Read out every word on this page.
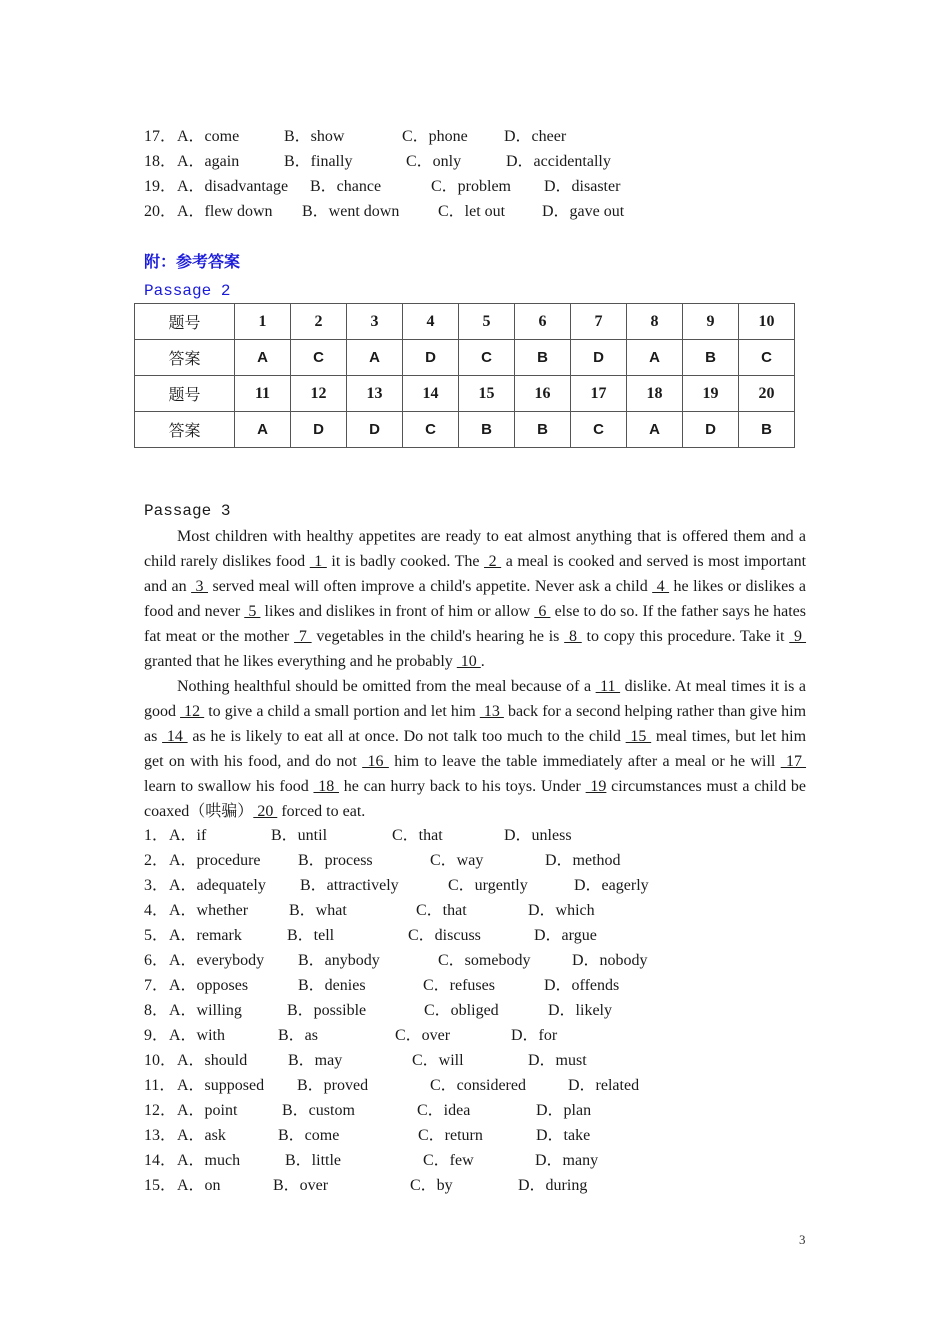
17． A．come	B．show	C．phone D．cheer
18． A．again	B．finally	C．only	D．accidentally
19． A．disadvantage B．chance	C．problem D．disaster
20． A．flew down B．went down C．let out D．gave out
附：参考答案
Passage 2
题号	1	2	3	4	5	6	7	8	9	10
答案	A	C	A	D	C	B	D	A	B	C
题号	11	12	13	14	15	16	17	18	19	20
答案	A	D	D	C	B	B	C	A	D	B
Passage 3
Most children with healthy appetites are ready to eat almost anything that is offered them and a child rarely dislikes food  1  it is badly cooked. The  2  a meal is cooked and served is most important and an  3  served meal will often improve a child's appetite. Never ask a child  4  he likes or dislikes a food and never  5  likes and dislikes in front of him or allow  6  else to do so. If the father says he hates fat meat or the mother  7  vegetables in the child's hearing he is  8  to copy this procedure. Take it  9  granted that he likes everything and he probably  10 .
Nothing healthful should be omitted from the meal because of a  11  dislike. At meal times it is a good  12  to give a child a small portion and let him  13  back for a second helping rather than give him as  14  as he is likely to eat all at once. Do not talk too much to the child  15  meal times, but let him get on with his food, and do not  16  him to leave the table immediately after a meal or he will  17  learn to swallow his food  18  he can hurry back to his toys. Under  19 circumstances must a child be coaxed（哄骗） 20  forced to eat.
1． A．if	B．until	C．that	D．unless
2． A．procedure B．process	C．way	D．method
3． A．adequately B．attractively	C．urgently	D．eagerly
4． A．whether	B．what	C．that	D．which
5． A．remark	B．tell	C．discuss	D．argue
6． A．everybody B．anybody	C．somebody	D．nobody
7． A．opposes	B．denies	C．refuses	D．offends
8． A．willing	B．possible	C．obliged	D．likely
9． A．with	B．as	C．over	D．for
10． A．should	B．may	C．will	D．must
11． A．supposed B．proved	C．considered	D．related
12． A．point	B．custom	C．idea	D．plan
13． A．ask	B．come	C．return	D．take
14． A．much	B．little	C．few	D．many
15． A．on	B．over	C．by	D．during
3
